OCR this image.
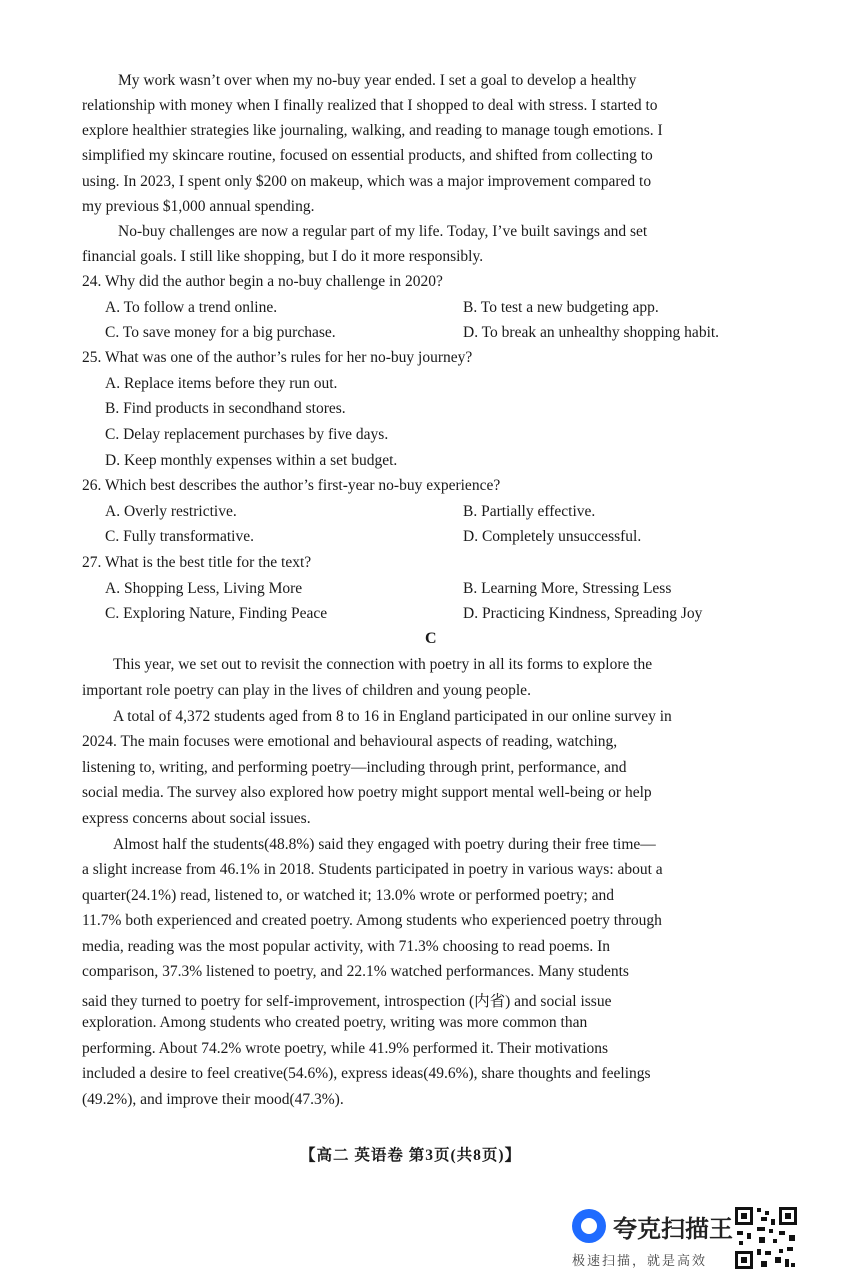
My work wasn’t over when my no-buy year ended. I set a goal to develop a healthy
relationship with money when I finally realized that I shopped to deal with stress. I started to
explore healthier strategies like journaling, walking, and reading to manage tough emotions. I
simplified my skincare routine, focused on essential products, and shifted from collecting to
using. In 2023, I spent only $200 on makeup, which was a major improvement compared to
my previous $1,000 annual spending.
No-buy challenges are now a regular part of my life. Today, I’ve built savings and set
financial goals. I still like shopping, but I do it more responsibly.
24. Why did the author begin a no-buy challenge in 2020?
A. To follow a trend online.	B. To test a new budgeting app.
C. To save money for a big purchase.	D. To break an unhealthy shopping habit.
25. What was one of the author’s rules for her no-buy journey?
A. Replace items before they run out.
B. Find products in secondhand stores.
C. Delay replacement purchases by five days.
D. Keep monthly expenses within a set budget.
26. Which best describes the author’s first-year no-buy experience?
A. Overly restrictive.	B. Partially effective.
C. Fully transformative.	D. Completely unsuccessful.
27. What is the best title for the text?
A. Shopping Less, Living More	B. Learning More, Stressing Less
C. Exploring Nature, Finding Peace	D. Practicing Kindness, Spreading Joy
C
This year, we set out to revisit the connection with poetry in all its forms to explore the
important role poetry can play in the lives of children and young people.
A total of 4,372 students aged from 8 to 16 in England participated in our online survey in
2024. The main focuses were emotional and behavioural aspects of reading, watching,
listening to, writing, and performing poetry—including through print, performance, and
social media. The survey also explored how poetry might support mental well-being or help
express concerns about social issues.
Almost half the students(48.8%) said they engaged with poetry during their free time—
a slight increase from 46.1% in 2018. Students participated in poetry in various ways: about a
quarter(24.1%) read, listened to, or watched it; 13.0% wrote or performed poetry; and
11.7% both experienced and created poetry. Among students who experienced poetry through
media, reading was the most popular activity, with 71.3% choosing to read poems. In
comparison, 37.3% listened to poetry, and 22.1% watched performances. Many students
said they turned to poetry for self-improvement, introspection (内省) and social issue
exploration. Among students who created poetry, writing was more common than
performing. About 74.2% wrote poetry, while 41.9% performed it. Their motivations
included a desire to feel creative(54.6%), express ideas(49.6%), share thoughts and feelings
(49.2%), and improve their mood(47.3%).
【高二 英语卷 第3页(共8页)】
夸克扫描王
极速扫描，就是高效
